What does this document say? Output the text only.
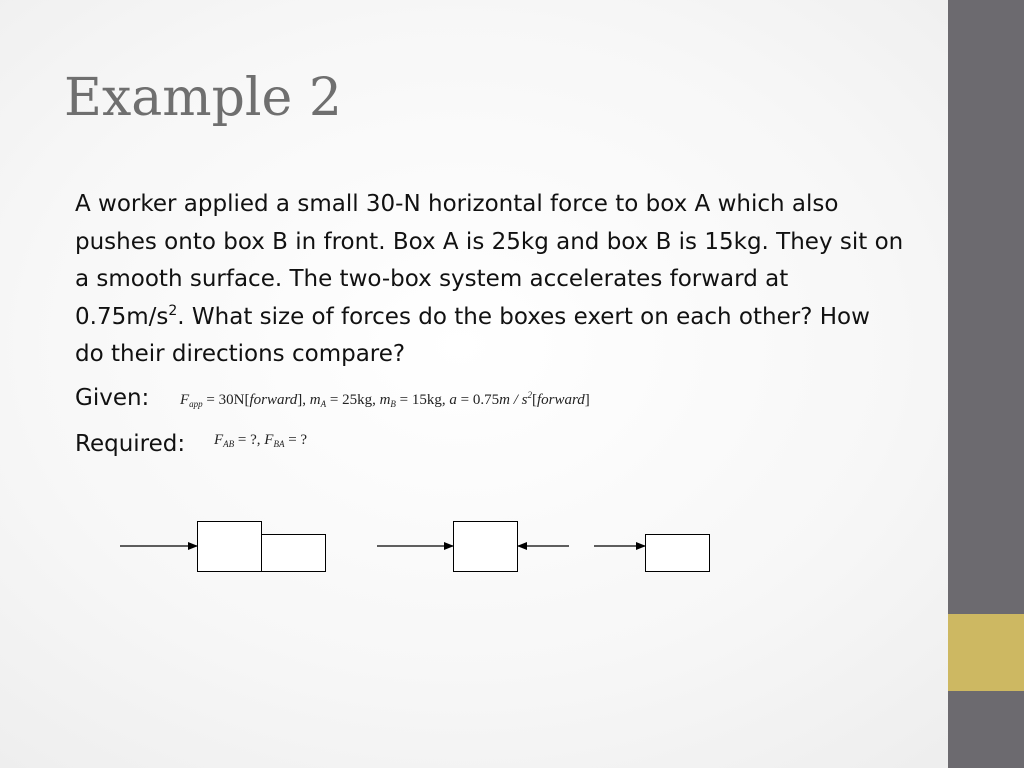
Example 2
A worker applied a small 30-N horizontal force to box A which also pushes onto box B in front. Box A is 25kg and box B is 15kg. They sit on a smooth surface. The two-box system accelerates forward at $0.75m/s^2$. What size of forces do the boxes exert on each other? How do their directions compare?
Given: $F_{app}$ = 30N[forward], $m_A = 25kg$, $m_B = 15kg$, $a = 0.75m / s^2[forward]$
Required: $F_{AB}$ = ?, $F_{BA}$ = ?
